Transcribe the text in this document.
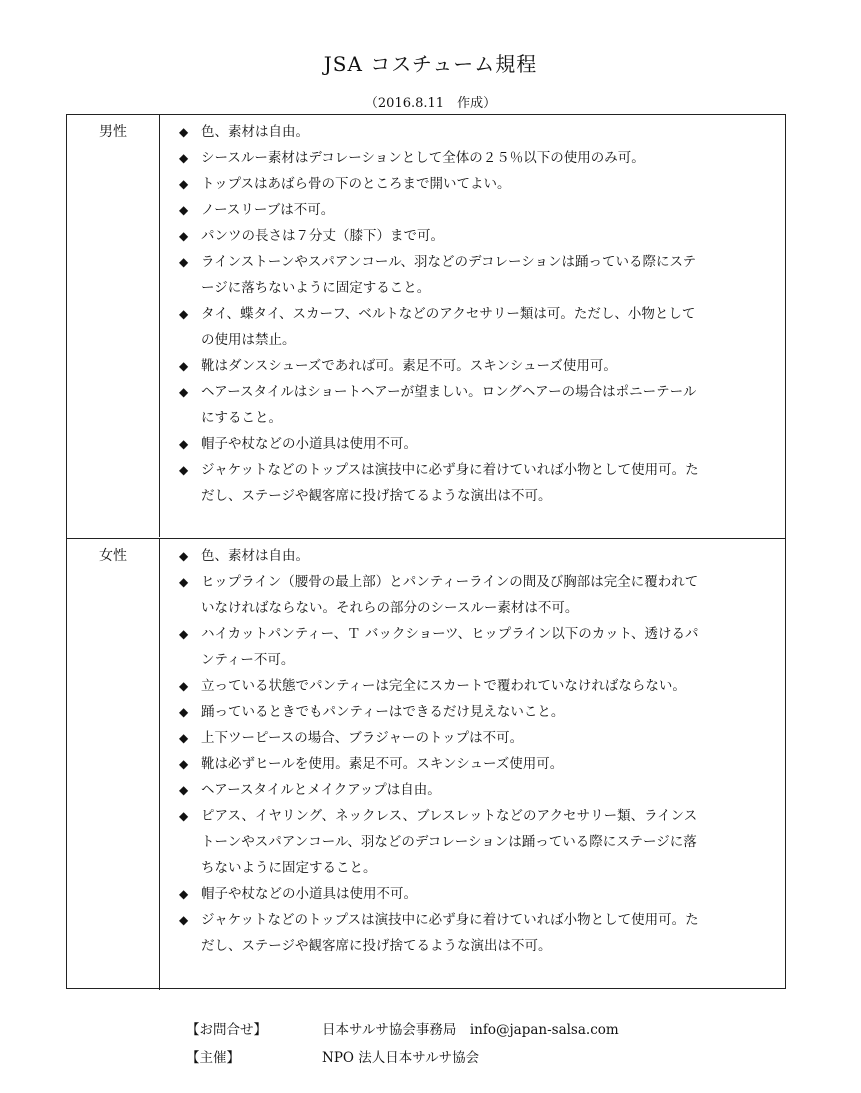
JSA コスチューム規程
（2016.8.11　作成）
男性	◆ 色、素材は自由。
◆ シースルー素材はデコレーションとして全体の２５％以下の使用のみ可。
◆ トップスはあばら骨の下のところまで開いてよい。
◆ ノースリーブは不可。
◆ パンツの長さは７分丈（膝下）まで可。
◆ ラインストーンやスパアンコール、羽などのデコレーションは踊っている際にステ
ージに落ちないように固定すること。
◆ タイ、蝶タイ、スカーフ、ベルトなどのアクセサリー類は可。ただし、小物として
の使用は禁止。
◆ 靴はダンスシューズであれば可。素足不可。スキンシューズ使用可。
◆ ヘアースタイルはショートヘアーが望ましい。ロングヘアーの場合はポニーテール
にすること。
◆ 帽子や杖などの小道具は使用不可。
◆ ジャケットなどのトップスは演技中に必ず身に着けていれば小物として使用可。た
だし、ステージや観客席に投げ捨てるような演出は不可。
女性	◆ 色、素材は自由。
◆ ヒップライン（腰骨の最上部）とパンティーラインの間及び胸部は完全に覆われて
いなければならない。それらの部分のシースルー素材は不可。
◆ ハイカットパンティー、Ｔ バックショーツ、ヒップライン以下のカット、透けるパ
ンティー不可。
◆ 立っている状態でパンティーは完全にスカートで覆われていなければならない。
◆ 踊っているときでもパンティーはできるだけ見えないこと。
◆ 上下ツーピースの場合、ブラジャーのトップは不可。
◆ 靴は必ずヒールを使用。素足不可。スキンシューズ使用可。
◆ ヘアースタイルとメイクアップは自由。
◆ ピアス、イヤリング、ネックレス、ブレスレットなどのアクセサリー類、ラインス
トーンやスパアンコール、羽などのデコレーションは踊っている際にステージに落
ちないように固定すること。
◆ 帽子や杖などの小道具は使用不可。
◆ ジャケットなどのトップスは演技中に必ず身に着けていれば小物として使用可。た
だし、ステージや観客席に投げ捨てるような演出は不可。
【お問合せ】	日本サルサ協会事務局　info@japan-salsa.com
【主催】	NPO 法人日本サルサ協会
